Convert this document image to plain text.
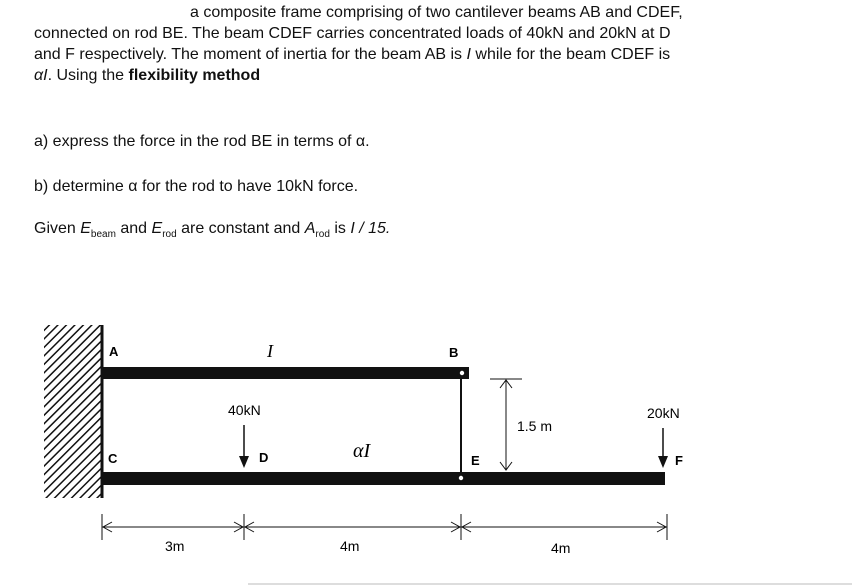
a composite frame comprising of two cantilever beams AB and CDEF,
connected on rod BE. The beam CDEF carries concentrated loads of 40kN and 20kN at D
and F respectively. The moment of inertia for the beam AB is I while for the beam CDEF is
αI. Using the flexibility method
a) express the force in the rod BE in terms of α.
b) determine α for the rod to have 10kN force.
Given $E_{beam}$ and $E_{rod}$ are constant and $A_{rod}$ is I / 15.
A	B
C	D	E	F
I
αI
40kN	20kN
1.5 m
3m	4m	4m
